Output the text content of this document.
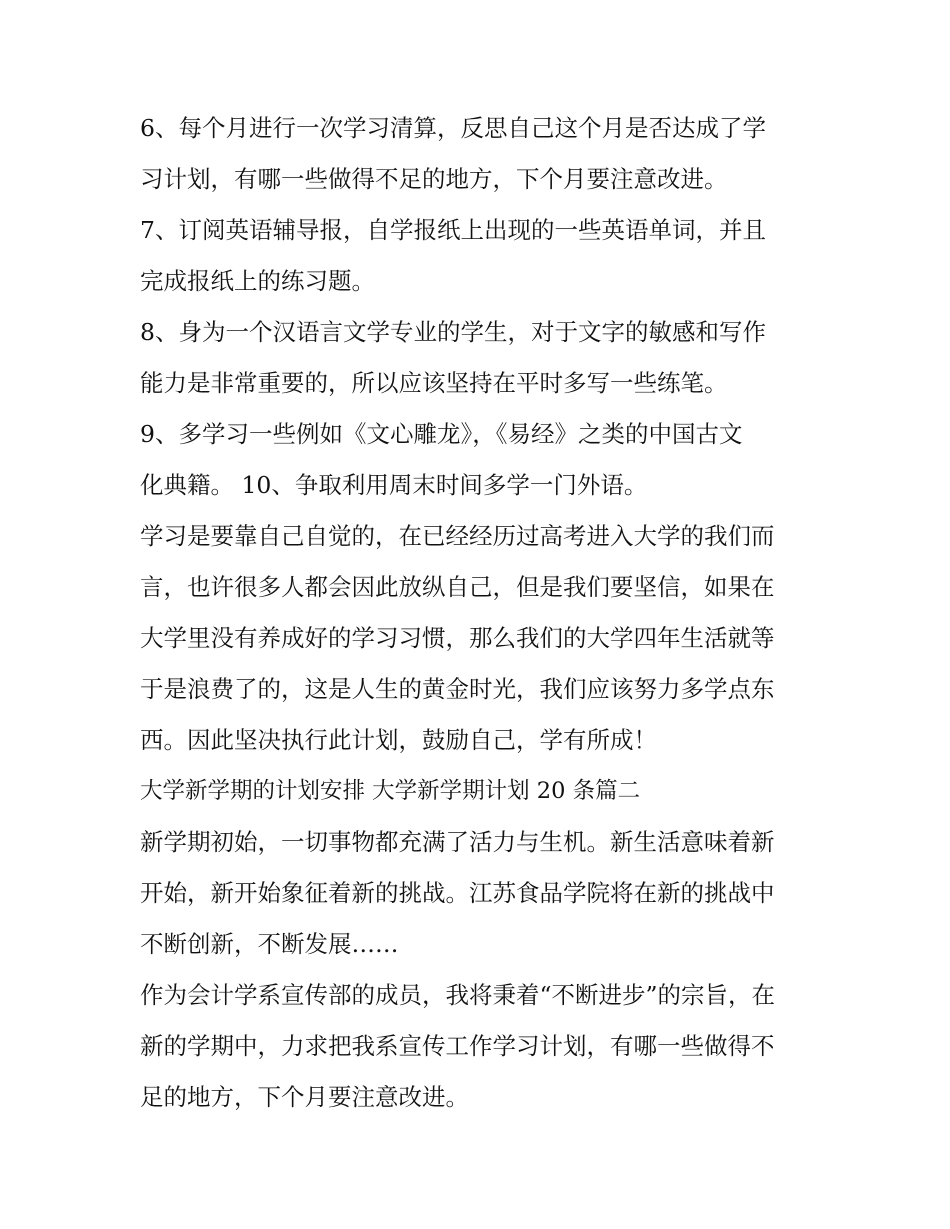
6、每个月进行一次学习清算，反思自己这个月是否达成了学
习计划，有哪一些做得不足的地方，下个月要注意改进。
7、订阅英语辅导报，自学报纸上出现的一些英语单词，并且
完成报纸上的练习题。
8、身为一个汉语言文学专业的学生，对于文字的敏感和写作
能力是非常重要的，所以应该坚持在平时多写一些练笔。
9、多学习一些例如《文心雕龙》，《易经》之类的中国古文
化典籍。 10、争取利用周末时间多学一门外语。
学习是要靠自己自觉的，在已经经历过高考进入大学的我们而
言，也许很多人都会因此放纵自己，但是我们要坚信，如果在
大学里没有养成好的学习习惯，那么我们的大学四年生活就等
于是浪费了的，这是人生的黄金时光，我们应该努力多学点东
西。因此坚决执行此计划，鼓励自己，学有所成！
大学新学期的计划安排 大学新学期计划 20 条篇二
新学期初始，一切事物都充满了活力与生机。新生活意味着新
开始，新开始象征着新的挑战。江苏食品学院将在新的挑战中
不断创新，不断发展……
作为会计学系宣传部的成员，我将秉着“不断进步”的宗旨，在
新的学期中，力求把我系宣传工作学习计划，有哪一些做得不
足的地方，下个月要注意改进。
